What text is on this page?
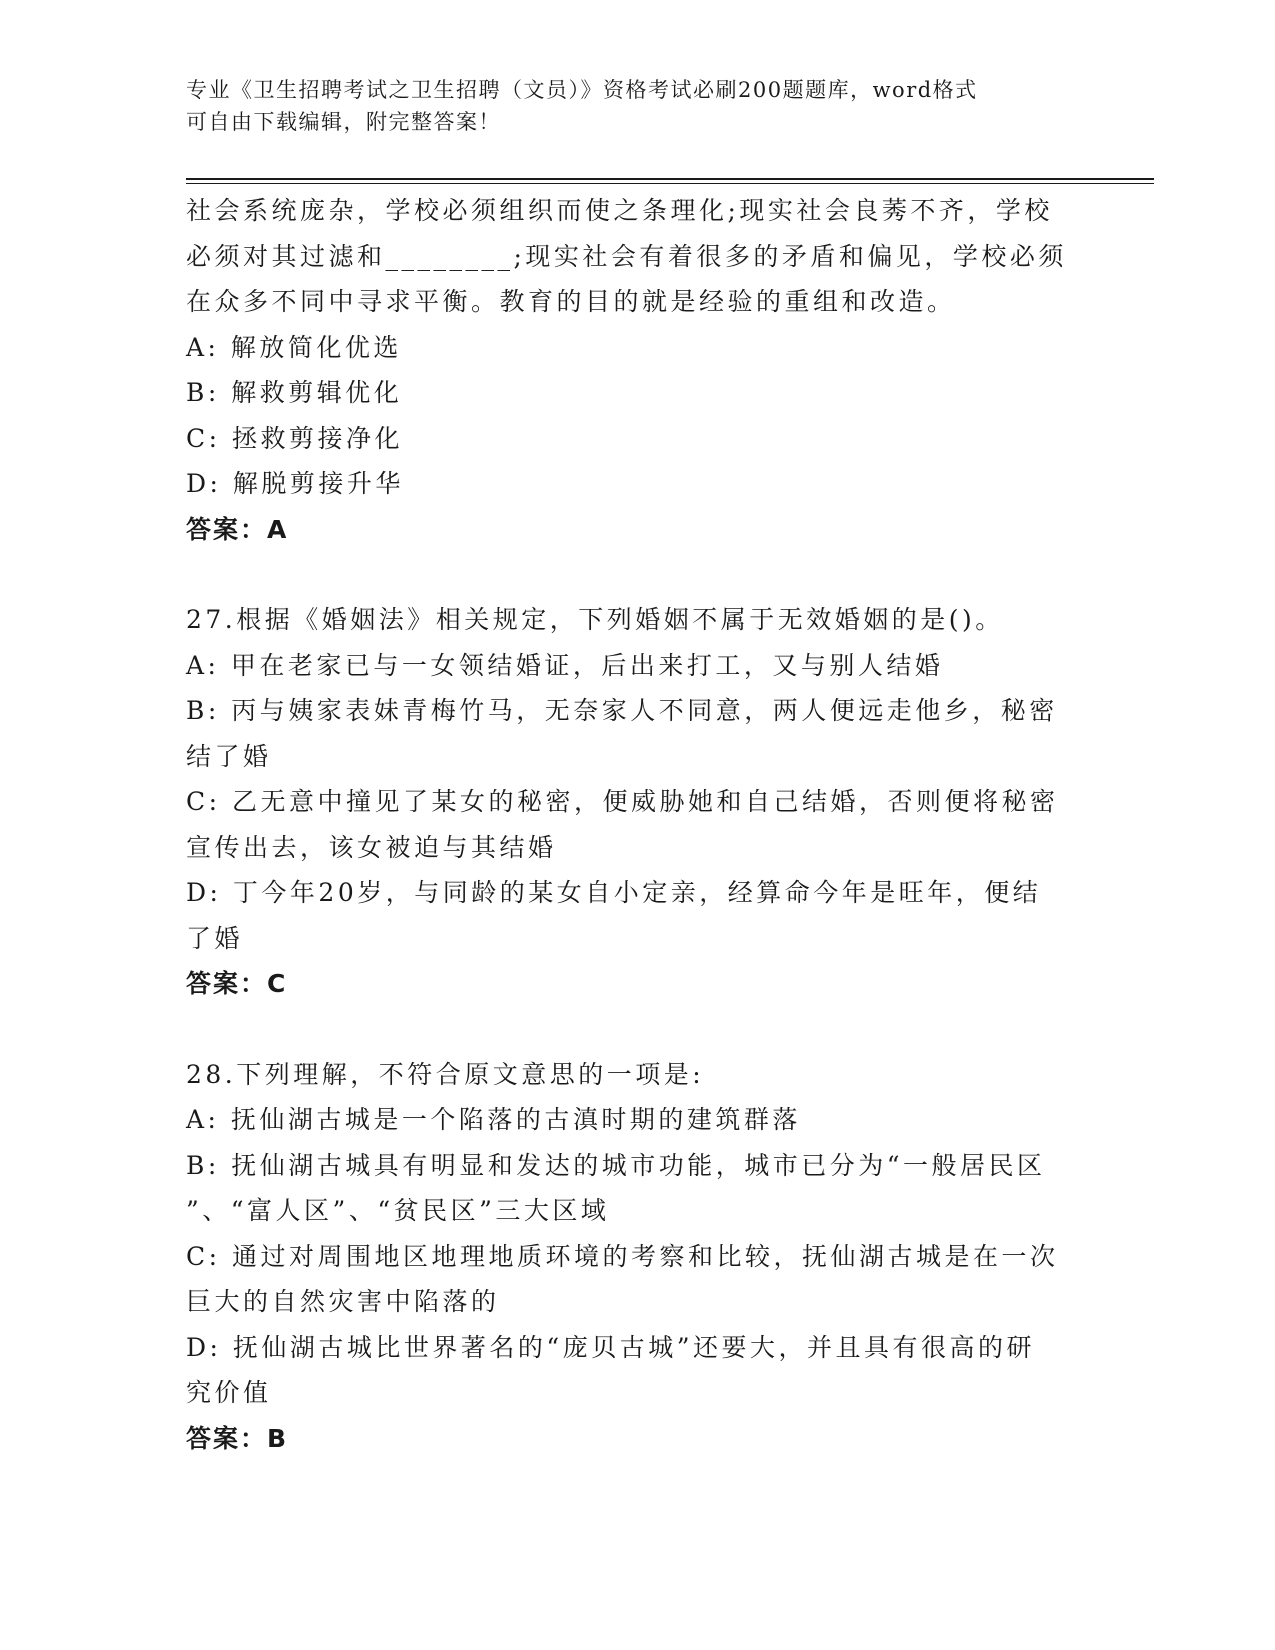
专业《卫生招聘考试之卫生招聘（文员）》资格考试必刷200题题库，word格式
可自由下载编辑，附完整答案！

社会系统庞杂，学校必须组织而使之条理化;现实社会良莠不齐，学校

必须对其过滤和________;现实社会有着很多的矛盾和偏见，学校必须

在众多不同中寻求平衡。教育的目的就是经验的重组和改造。

A: 解放简化优选

B: 解救剪辑优化

C: 拯救剪接净化

D: 解脱剪接升华

答案：A

27.根据《婚姻法》相关规定，下列婚姻不属于无效婚姻的是()。

A: 甲在老家已与一女领结婚证，后出来打工，又与别人结婚

B: 丙与姨家表妹青梅竹马，无奈家人不同意，两人便远走他乡，秘密

结了婚

C: 乙无意中撞见了某女的秘密，便威胁她和自己结婚，否则便将秘密

宣传出去，该女被迫与其结婚

D: 丁今年20岁，与同龄的某女自小定亲，经算命今年是旺年，便结

了婚

答案：C

28.下列理解，不符合原文意思的一项是:

A: 抚仙湖古城是一个陷落的古滇时期的建筑群落

B: 抚仙湖古城具有明显和发达的城市功能，城市已分为“一般居民区

”、“富人区”、“贫民区”三大区域

C: 通过对周围地区地理地质环境的考察和比较，抚仙湖古城是在一次

巨大的自然灾害中陷落的

D: 抚仙湖古城比世界著名的“庞贝古城”还要大，并且具有很高的研

究价值

答案：B
